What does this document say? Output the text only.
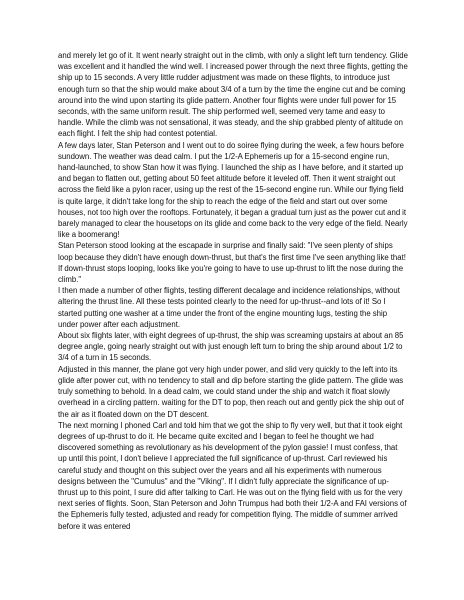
and merely let go of it. It went nearly straight out in the climb, with only a slight left turn tendency. Glide was excellent and it handled the wind well. I increased power through the next three flights, getting the ship up to 15 seconds. A very little rudder adjustment was made on these flights, to introduce just enough turn so that the ship would make about 3/4 of a turn by the time the engine cut and be coming around into the wind upon starting its glide pattern. Another four flights were under full power for 15 seconds, with the same uniform result. The ship performed well, seemed very tame and easy to handle. While the climb was not sensational, it was steady, and the ship grabbed plenty of altitude on each flight. I felt the ship had contest potential.

A few days later, Stan Peterson and I went out to do soiree flying during the week, a few hours before sundown. The weather was dead calm. I put the 1/2-A Ephemeris up for a 15-second engine run, hand-launched, to show Stan how it was flying. I launched the ship as I have before, and it started up and began to flatten out, getting about 50 feet altitude before it leveled off. Then it went straight out across the field like a pylon racer, using up the rest of the 15-second engine run. While our flying field is quite large, it didn't take long for the ship to reach the edge of the field and start out over some houses, not too high over the rooftops. Fortunately, it began a gradual turn just as the power cut and it barely managed to clear the housetops on its glide and come back to the very edge of the field. Nearly like a boomerang!

Stan Peterson stood looking at the escapade in surprise and finally said: "I've seen plenty of ships loop because they didn't have enough down-thrust, but that's the first time I've seen anything like that! If down-thrust stops looping, looks like you're going to have to use up-thrust to lift the nose during the climb."

I then made a number of other flights, testing different decalage and incidence relationships, without altering the thrust line. All these tests pointed clearly to the need for up-thrust--and lots of it! So I started putting one washer at a time under the front of the engine mounting lugs, testing the ship under power after each adjustment.

About six flights later, with eight degrees of up-thrust, the ship was screaming upstairs at about an 85 degree angle, going nearly straight out with just enough left turn to bring the ship around about 1/2 to 3/4 of a turn in 15 seconds.

Adjusted in this manner, the plane got very high under power, and slid very quickly to the left into its glide after power cut, with no tendency to stall and dip before starting the glide pattern. The glide was truly something to behold. In a dead calm, we could stand under the ship and watch it float slowly overhead in a circling pattern. waiting for the DT to pop, then reach out and gently pick the ship out of the air as it floated down on the DT descent.

The next morning I phoned Carl and told him that we got the ship to fly very well, but that it took eight degrees of up-thrust to do it. He became quite excited and I began to feel he thought we had discovered something as revolutionary as his development of the pylon gassie! I must confess, that up until this point, I don't believe I appreciated the full significance of up-thrust. Carl reviewed his careful study and thought on this subject over the years and all his experiments with numerous designs between the "Cumulus" and the "Viking". If I didn't fully appreciate the significance of up-thrust up to this point, I sure did after talking to Carl. He was out on the flying field with us for the very next series of flights. Soon, Stan Peterson and John Trumpus had both their 1/2-A and FAI versions of the Ephemeris fully tested, adjusted and ready for competition flying. The middle of summer arrived before it was entered
